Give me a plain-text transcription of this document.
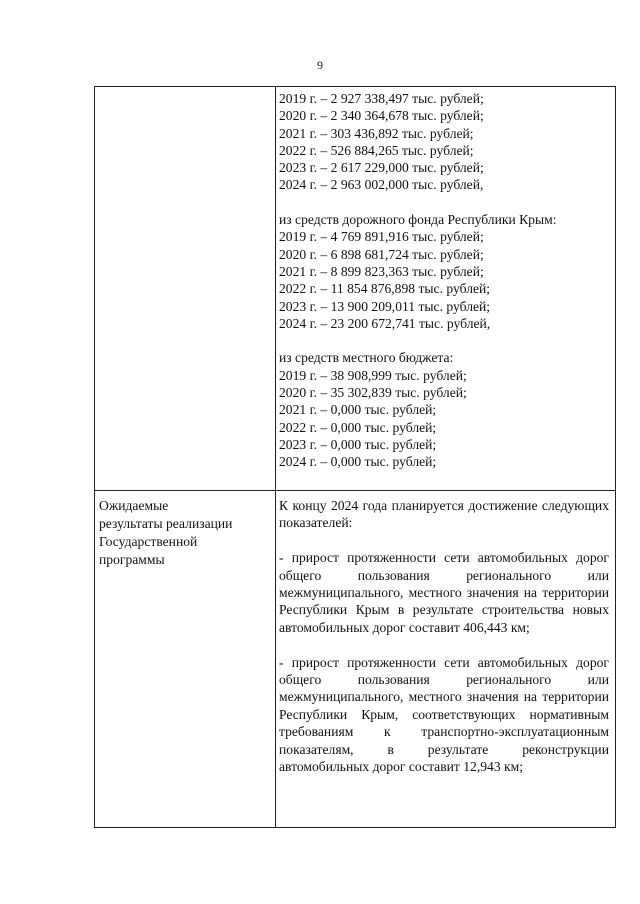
9
2019 г. – 2 927 338,497 тыс. рублей;
2020 г. – 2 340 364,678 тыс. рублей;
2021 г. – 303 436,892 тыс. рублей;
2022 г. – 526 884,265 тыс. рублей;
2023 г. – 2 617 229,000 тыс. рублей;
2024 г. – 2 963 002,000 тыс. рублей,
из средств дорожного фонда Республики Крым:
2019 г. – 4 769 891,916 тыс. рублей;
2020 г. – 6 898 681,724 тыс. рублей;
2021 г. – 8 899 823,363 тыс. рублей;
2022 г. – 11 854 876,898 тыс. рублей;
2023 г. – 13 900 209,011 тыс. рублей;
2024 г. – 23 200 672,741 тыс. рублей,
из средств местного бюджета:
2019 г. – 38 908,999 тыс. рублей;
2020 г. – 35 302,839 тыс. рублей;
2021 г. – 0,000 тыс. рублей;
2022 г. – 0,000 тыс. рублей;
2023 г. – 0,000 тыс. рублей;
2024 г. – 0,000 тыс. рублей;
Ожидаемые
результаты реализации
Государственной
программы

К концу 2024 года планируется достижение следующих показателей:

- прирост протяженности сети автомобильных дорог общего пользования регионального или межмуниципального, местного значения на территории Республики Крым в результате строительства новых автомобильных дорог составит 406,443 км;

- прирост протяженности сети автомобильных дорог общего пользования регионального или межмуниципального, местного значения на территории Республики Крым, соответствующих нормативным требованиям к транспортно-эксплуатационным показателям, в результате реконструкции автомобильных дорог составит 12,943 км;
